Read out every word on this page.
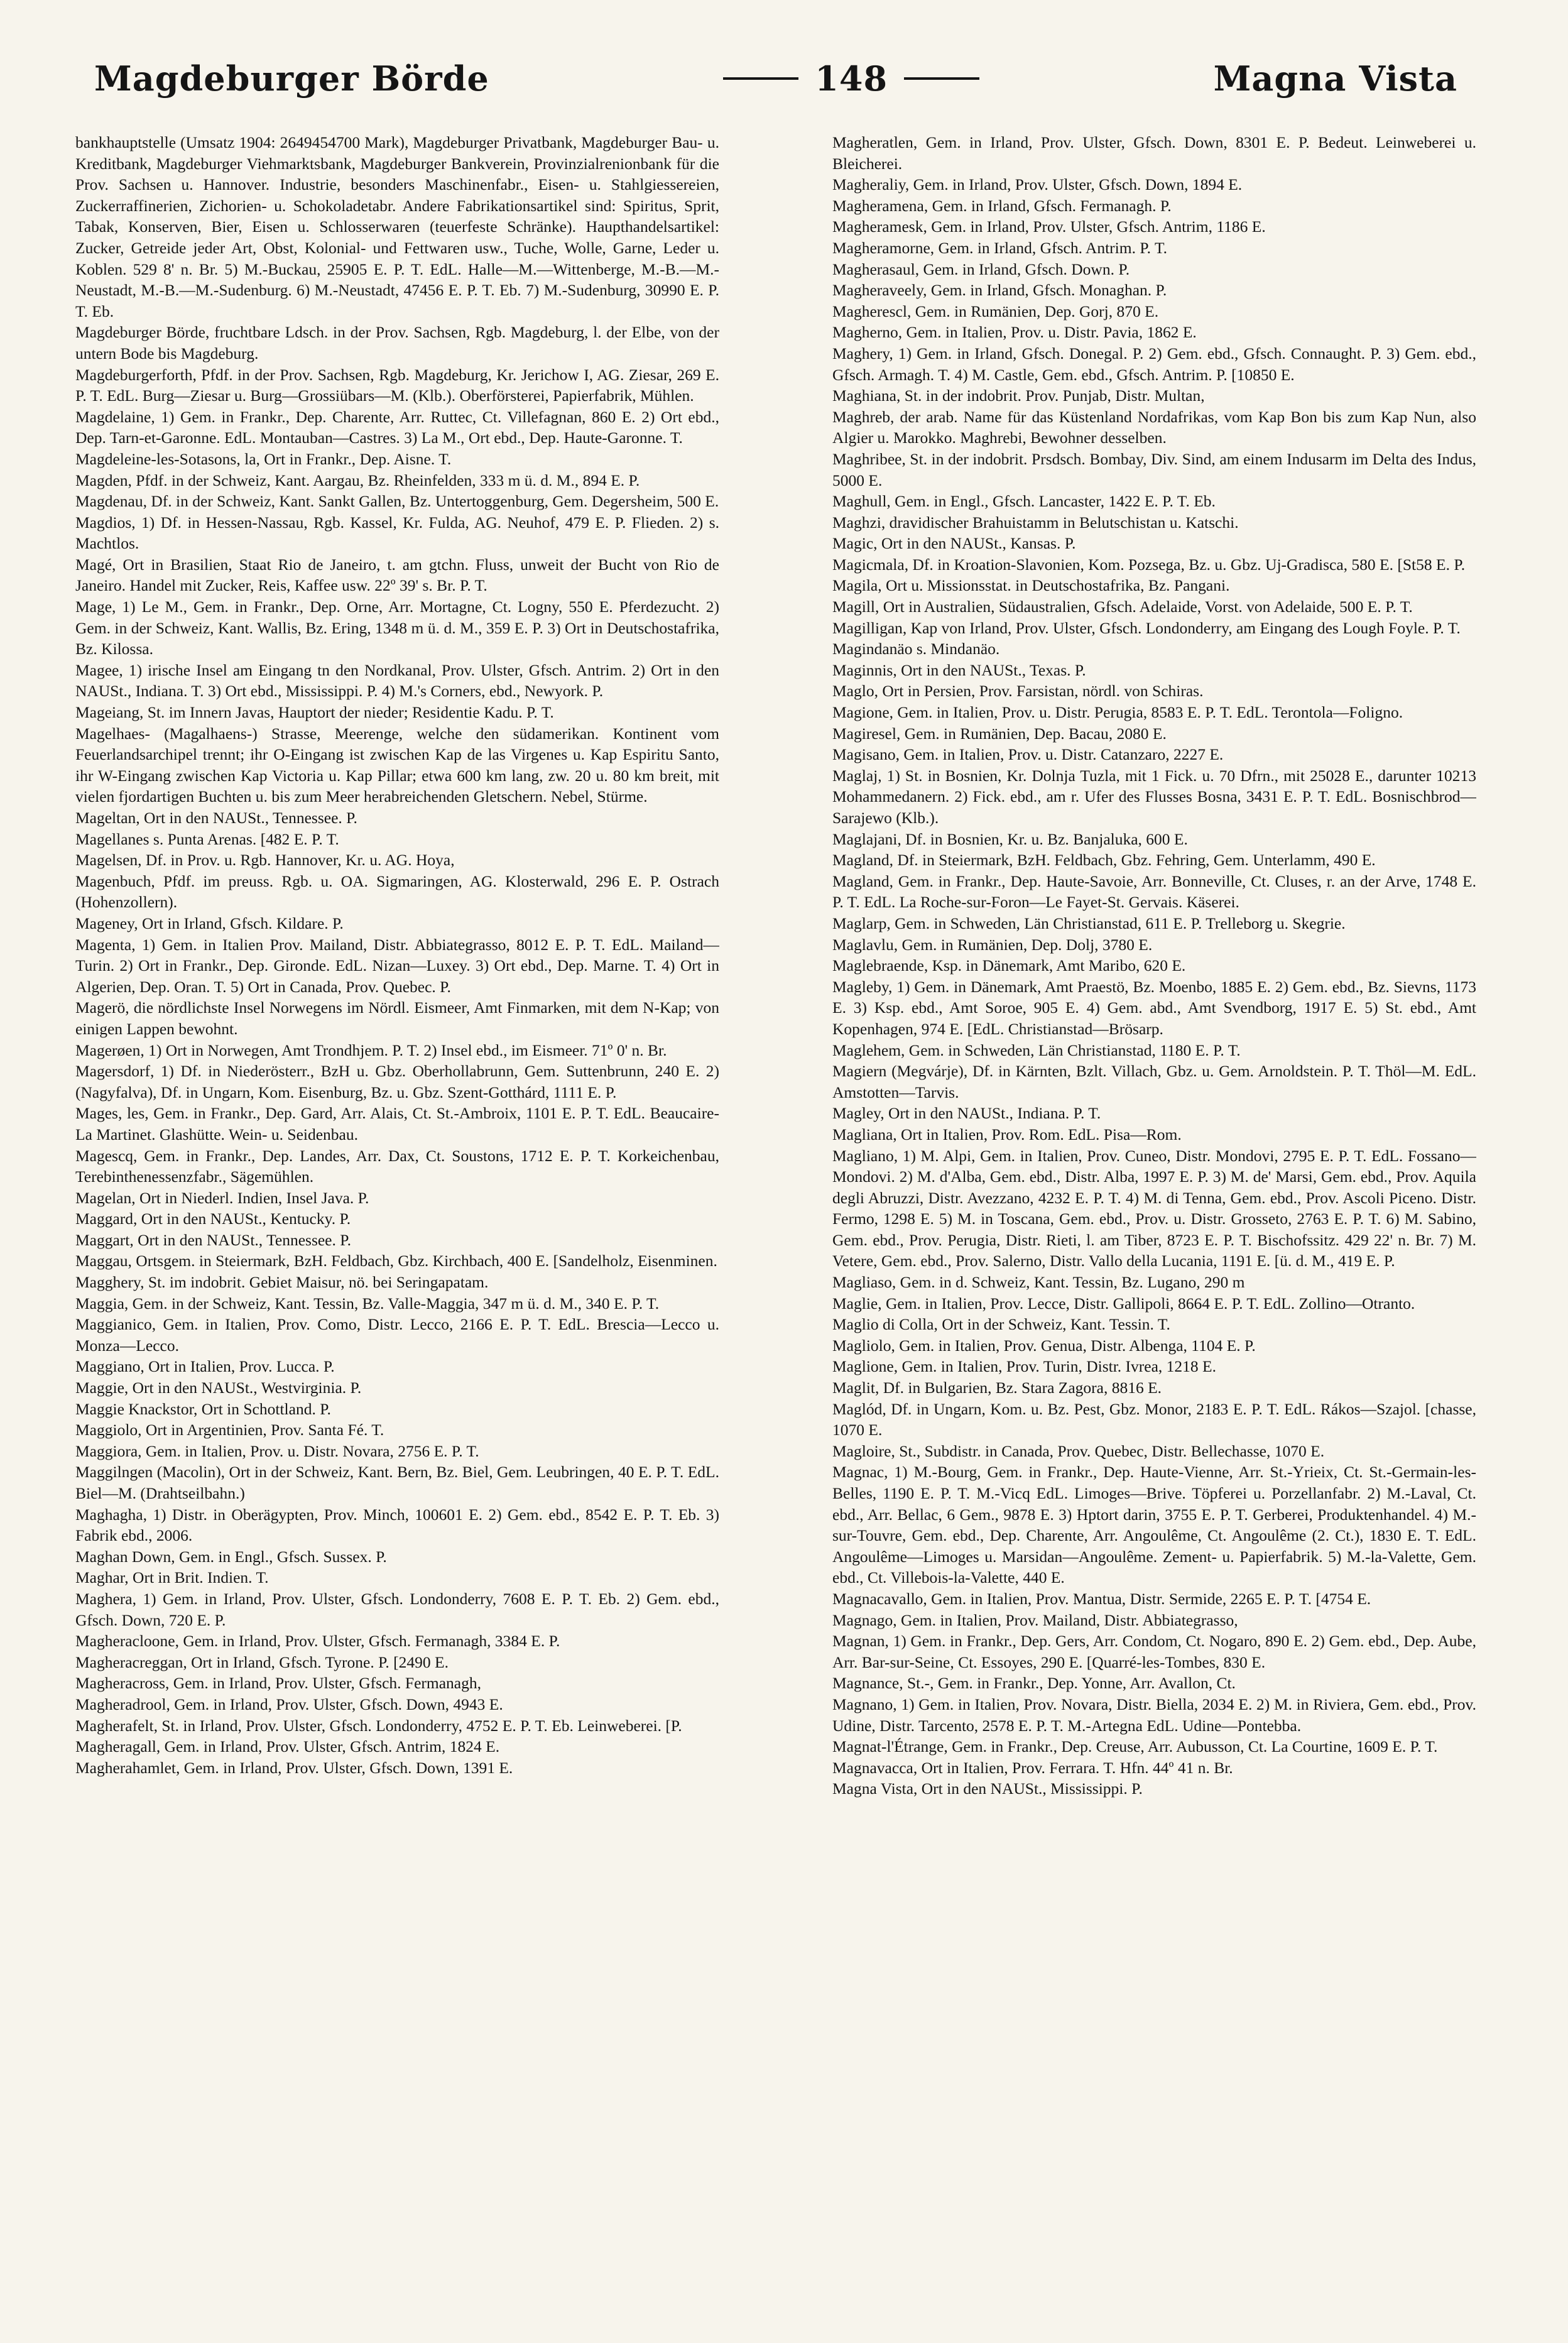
Magdeburger Börde	148	Magna Vista

bankhauptstelle (Umsatz 1904: 2649454700 Mark), Magdeburger Privatbank, Magdeburger Bau- u. Kreditbank, Magdeburger Viehmarktsbank, Magdeburger Bankverein, Provinzialrenionbank für die Prov. Sachsen u. Hannover. Industrie, besonders Maschinenfabr., Eisen- u. Stahlgiessereien, Zuckerraffinerien, Zichorien- u. Schokoladetabr. Andere Fabrikationsartikel sind: Spiritus, Sprit, Tabak, Konserven, Bier, Eisen u. Schlosserwaren (teuerfeste Schränke). Haupthandelsartikel: Zucker, Getreide jeder Art, Obst, Kolonial- und Fettwaren usw., Tuche, Wolle, Garne, Leder u. Koblen. 529 8' n. Br. 5) M.-Buckau, 25905 E. P. T. EdL. Halle—M.—Wittenberge, M.-B.—M.-Neustadt, M.-B.—M.-Sudenburg. 6) M.-Neustadt, 47456 E. P. T. Eb. 7) M.-Sudenburg, 30990 E. P. T. Eb.

Magdeburger Börde, fruchtbare Ldsch. in der Prov. Sachsen, Rgb. Magdeburg, l. der Elbe, von der untern Bode bis Magdeburg.

Magdeburgerforth, Pfdf. in der Prov. Sachsen, Rgb. Magdeburg, Kr. Jerichow I, AG. Ziesar, 269 E. P. T. EdL. Burg—Ziesar u. Burg—Grossiübars—M. (Klb.). Oberförsterei, Papierfabrik, Mühlen.

Magdelaine, 1) Gem. in Frankr., Dep. Charente, Arr. Ruttec, Ct. Villefagnan, 860 E. 2) Ort ebd., Dep. Tarn-et-Garonne. EdL. Montauban—Castres. 3) La M., Ort ebd., Dep. Haute-Garonne. T.

Magdeleine-les-Sotasons, la, Ort in Frankr., Dep. Aisne. T.

Magden, Pfdf. in der Schweiz, Kant. Aargau, Bz. Rheinfelden, 333 m ü. d. M., 894 E. P.

Magdenau, Df. in der Schweiz, Kant. Sankt Gallen, Bz. Untertoggenburg, Gem. Degersheim, 500 E.

Magdios, 1) Df. in Hessen-Nassau, Rgb. Kassel, Kr. Fulda, AG. Neuhof, 479 E. P. Flieden. 2) s. Machtlos.

Magé, Ort in Brasilien, Staat Rio de Janeiro, t. am gtchn. Fluss, unweit der Bucht von Rio de Janeiro. Handel mit Zucker, Reis, Kaffee usw. 22º 39' s. Br. P. T.

Mage, 1) Le M., Gem. in Frankr., Dep. Orne, Arr. Mortagne, Ct. Logny, 550 E. Pferdezucht. 2) Gem. in der Schweiz, Kant. Wallis, Bz. Ering, 1348 m ü. d. M., 359 E. P. 3) Ort in Deutschostafrika, Bz. Kilossa.

Magee, 1) irische Insel am Eingang tn den Nordkanal, Prov. Ulster, Gfsch. Antrim. 2) Ort in den NAUSt., Indiana. T. 3) Ort ebd., Mississippi. P. 4) M.'s Corners, ebd., Newyork. P.

Mageiang, St. im Innern Javas, Hauptort der nieder; Residentie Kadu. P. T.

Magelhaes- (Magalhaens-) Strasse, Meerenge, welche den südamerikan. Kontinent vom Feuerlandsarchipel trennt; ihr O-Eingang ist zwischen Kap de las Virgenes u. Kap Espiritu Santo, ihr W-Eingang zwischen Kap Victoria u. Kap Pillar; etwa 600 km lang, zw. 20 u. 80 km breit, mit vielen fjordartigen Buchten u. bis zum Meer herabreichenden Gletschern. Nebel, Stürme.

Mageltan, Ort in den NAUSt., Tennessee. P.

Magellanes s. Punta Arenas. [482 E. P. T.

Magelsen, Df. in Prov. u. Rgb. Hannover, Kr. u. AG. Hoya,

Magenbuch, Pfdf. im preuss. Rgb. u. OA. Sigmaringen, AG. Klosterwald, 296 E. P. Ostrach (Hohenzollern).

Mageney, Ort in Irland, Gfsch. Kildare. P.

Magenta, 1) Gem. in Italien Prov. Mailand, Distr. Abbiategrasso, 8012 E. P. T. EdL. Mailand—Turin. 2) Ort in Frankr., Dep. Gironde. EdL. Nizan—Luxey. 3) Ort ebd., Dep. Marne. T. 4) Ort in Algerien, Dep. Oran. T. 5) Ort in Canada, Prov. Quebec. P.

Magerö, die nördlichste Insel Norwegens im Nördl. Eismeer, Amt Finmarken, mit dem N-Kap; von einigen Lappen bewohnt.

Magerøen, 1) Ort in Norwegen, Amt Trondhjem. P. T. 2) Insel ebd., im Eismeer. 71º 0' n. Br.

Magersdorf, 1) Df. in Niederösterr., BzH u. Gbz. Oberhollabrunn, Gem. Suttenbrunn, 240 E. 2) (Nagyfalva), Df. in Ungarn, Kom. Eisenburg, Bz. u. Gbz. Szent-Gotthárd, 1111 E. P.

Mages, les, Gem. in Frankr., Dep. Gard, Arr. Alais, Ct. St.-Ambroix, 1101 E. P. T. EdL. Beaucaire-La Martinet. Glashütte. Wein- u. Seidenbau.

Magescq, Gem. in Frankr., Dep. Landes, Arr. Dax, Ct. Soustons, 1712 E. P. T. Korkeichenbau, Terebinthenessenzfabr., Sägemühlen.

Magelan, Ort in Niederl. Indien, Insel Java. P.

Maggard, Ort in den NAUSt., Kentucky. P.

Maggart, Ort in den NAUSt., Tennessee. P.

Maggau, Ortsgem. in Steiermark, BzH. Feldbach, Gbz. Kirchbach, 400 E. [Sandelholz, Eisenminen.

Magghery, St. im indobrit. Gebiet Maisur, nö. bei Seringapatam.

Maggia, Gem. in der Schweiz, Kant. Tessin, Bz. Valle-Maggia, 347 m ü. d. M., 340 E. P. T.

Maggianico, Gem. in Italien, Prov. Como, Distr. Lecco, 2166 E. P. T. EdL. Brescia—Lecco u. Monza—Lecco.

Maggiano, Ort in Italien, Prov. Lucca. P.

Maggie, Ort in den NAUSt., Westvirginia. P.

Maggie Knackstor, Ort in Schottland. P.

Maggiolo, Ort in Argentinien, Prov. Santa Fé. T.

Maggiora, Gem. in Italien, Prov. u. Distr. Novara, 2756 E. P. T.

Maggilngen (Macolin), Ort in der Schweiz, Kant. Bern, Bz. Biel, Gem. Leubringen, 40 E. P. T. EdL. Biel—M. (Drahtseilbahn.)

Maghagha, 1) Distr. in Oberägypten, Prov. Minch, 100601 E. 2) Gem. ebd., 8542 E. P. T. Eb. 3) Fabrik ebd., 2006.

Maghan Down, Gem. in Engl., Gfsch. Sussex. P.

Maghar, Ort in Brit. Indien. T.

Maghera, 1) Gem. in Irland, Prov. Ulster, Gfsch. Londonderry, 7608 E. P. T. Eb. 2) Gem. ebd., Gfsch. Down, 720 E. P.

Magheracloone, Gem. in Irland, Prov. Ulster, Gfsch. Fermanagh, 3384 E. P.

Magheracreggan, Ort in Irland, Gfsch. Tyrone. P. [2490 E.

Magheracross, Gem. in Irland, Prov. Ulster, Gfsch. Fermanagh,

Magheradrool, Gem. in Irland, Prov. Ulster, Gfsch. Down, 4943 E.

Magherafelt, St. in Irland, Prov. Ulster, Gfsch. Londonderry, 4752 E. P. T. Eb. Leinweberei. [P.

Magheragall, Gem. in Irland, Prov. Ulster, Gfsch. Antrim, 1824 E.

Magherahamlet, Gem. in Irland, Prov. Ulster, Gfsch. Down, 1391 E.

Magheratlen, Gem. in Irland, Prov. Ulster, Gfsch. Down, 8301 E. P. Bedeut. Leinweberei u. Bleicherei.

Magheraliy, Gem. in Irland, Prov. Ulster, Gfsch. Down, 1894 E.

Magheramena, Gem. in Irland, Gfsch. Fermanagh. P.

Magheramesk, Gem. in Irland, Prov. Ulster, Gfsch. Antrim, 1186 E.

Magheramorne, Gem. in Irland, Gfsch. Antrim. P. T.

Magherasaul, Gem. in Irland, Gfsch. Down. P.

Magheraveely, Gem. in Irland, Gfsch. Monaghan. P.

Magherescl, Gem. in Rumänien, Dep. Gorj, 870 E.

Magherno, Gem. in Italien, Prov. u. Distr. Pavia, 1862 E.

Maghery, 1) Gem. in Irland, Gfsch. Donegal. P. 2) Gem. ebd., Gfsch. Connaught. P. 3) Gem. ebd., Gfsch. Armagh. T. 4) M. Castle, Gem. ebd., Gfsch. Antrim. P. [10850 E.

Maghiana, St. in der indobrit. Prov. Punjab, Distr. Multan,

Maghreb, der arab. Name für das Küstenland Nordafrikas, vom Kap Bon bis zum Kap Nun, also Algier u. Marokko. Maghrebi, Bewohner desselben.

Maghribee, St. in der indobrit. Prsdsch. Bombay, Div. Sind, am einem Indusarm im Delta des Indus, 5000 E.

Maghull, Gem. in Engl., Gfsch. Lancaster, 1422 E. P. T. Eb.

Maghzi, dravidischer Brahuistamm in Belutschistan u. Katschi.

Magic, Ort in den NAUSt., Kansas. P.

Magicmala, Df. in Kroation-Slavonien, Kom. Pozsega, Bz. u. Gbz. Uj-Gradisca, 580 E. [St58 E. P.

Magila, Ort u. Missionsstat. in Deutschostafrika, Bz. Pangani.

Magill, Ort in Australien, Südaustralien, Gfsch. Adelaide, Vorst. von Adelaide, 500 E. P. T.

Magilligan, Kap von Irland, Prov. Ulster, Gfsch. Londonderry, am Eingang des Lough Foyle. P. T.

Magindanäo s. Mindanäo.

Maginnis, Ort in den NAUSt., Texas. P.

Maglo, Ort in Persien, Prov. Farsistan, nördl. von Schiras.

Magione, Gem. in Italien, Prov. u. Distr. Perugia, 8583 E. P. T. EdL. Terontola—Foligno.

Magiresel, Gem. in Rumänien, Dep. Bacau, 2080 E.

Magisano, Gem. in Italien, Prov. u. Distr. Catanzaro, 2227 E.

Maglaj, 1) St. in Bosnien, Kr. Dolnja Tuzla, mit 1 Fick. u. 70 Dfrn., mit 25028 E., darunter 10213 Mohammedanern. 2) Fick. ebd., am r. Ufer des Flusses Bosna, 3431 E. P. T. EdL. Bosnischbrod—Sarajewo (Klb.).

Maglajani, Df. in Bosnien, Kr. u. Bz. Banjaluka, 600 E.

Magland, Df. in Steiermark, BzH. Feldbach, Gbz. Fehring, Gem. Unterlamm, 490 E.

Magland, Gem. in Frankr., Dep. Haute-Savoie, Arr. Bonneville, Ct. Cluses, r. an der Arve, 1748 E. P. T. EdL. La Roche-sur-Foron—Le Fayet-St. Gervais. Käserei.

Maglarp, Gem. in Schweden, Län Christianstad, 611 E. P. Trelleborg u. Skegrie.

Maglavlu, Gem. in Rumänien, Dep. Dolj, 3780 E.

Maglebraende, Ksp. in Dänemark, Amt Maribo, 620 E.

Magleby, 1) Gem. in Dänemark, Amt Praestö, Bz. Moenbo, 1885 E. 2) Gem. ebd., Bz. Sievns, 1173 E. 3) Ksp. ebd., Amt Soroe, 905 E. 4) Gem. abd., Amt Svendborg, 1917 E. 5) St. ebd., Amt Kopenhagen, 974 E. [EdL. Christianstad—Brösarp.

Maglehem, Gem. in Schweden, Län Christianstad, 1180 E. P. T.

Magiern (Megvárje), Df. in Kärnten, Bzlt. Villach, Gbz. u. Gem. Arnoldstein. P. T. Thöl—M. EdL. Amstotten—Tarvis.

Magley, Ort in den NAUSt., Indiana. P. T.

Magliana, Ort in Italien, Prov. Rom. EdL. Pisa—Rom.

Magliano, 1) M. Alpi, Gem. in Italien, Prov. Cuneo, Distr. Mondovi, 2795 E. P. T. EdL. Fossano—Mondovi. 2) M. d'Alba, Gem. ebd., Distr. Alba, 1997 E. P. 3) M. de' Marsi, Gem. ebd., Prov. Aquila degli Abruzzi, Distr. Avezzano, 4232 E. P. T. 4) M. di Tenna, Gem. ebd., Prov. Ascoli Piceno. Distr. Fermo, 1298 E. 5) M. in Toscana, Gem. ebd., Prov. u. Distr. Grosseto, 2763 E. P. T. 6) M. Sabino, Gem. ebd., Prov. Perugia, Distr. Rieti, l. am Tiber, 8723 E. P. T. Bischofssitz. 429 22' n. Br. 7) M. Vetere, Gem. ebd., Prov. Salerno, Distr. Vallo della Lucania, 1191 E. [ü. d. M., 419 E. P.

Magliaso, Gem. in d. Schweiz, Kant. Tessin, Bz. Lugano, 290 m

Maglie, Gem. in Italien, Prov. Lecce, Distr. Gallipoli, 8664 E. P. T. EdL. Zollino—Otranto.

Maglio di Colla, Ort in der Schweiz, Kant. Tessin. T.

Magliolo, Gem. in Italien, Prov. Genua, Distr. Albenga, 1104 E. P.

Maglione, Gem. in Italien, Prov. Turin, Distr. Ivrea, 1218 E.

Maglit, Df. in Bulgarien, Bz. Stara Zagora, 8816 E.

Maglód, Df. in Ungarn, Kom. u. Bz. Pest, Gbz. Monor, 2183 E. P. T. EdL. Rákos—Szajol. [chasse, 1070 E.

Magloire, St., Subdistr. in Canada, Prov. Quebec, Distr. Bellechasse, 1070 E.

Magnac, 1) M.-Bourg, Gem. in Frankr., Dep. Haute-Vienne, Arr. St.-Yrieix, Ct. St.-Germain-les-Belles, 1190 E. P. T. M.-Vicq EdL. Limoges—Brive. Töpferei u. Porzellanfabr. 2) M.-Laval, Ct. ebd., Arr. Bellac, 6 Gem., 9878 E. 3) Hptort darin, 3755 E. P. T. Gerberei, Produktenhandel. 4) M.-sur-Touvre, Gem. ebd., Dep. Charente, Arr. Angoulême, Ct. Angoulême (2. Ct.), 1830 E. T. EdL. Angoulême—Limoges u. Marsidan—Angoulême. Zement- u. Papierfabrik. 5) M.-la-Valette, Gem. ebd., Ct. Villebois-la-Valette, 440 E.

Magnacavallo, Gem. in Italien, Prov. Mantua, Distr. Sermide, 2265 E. P. T. [4754 E.

Magnago, Gem. in Italien, Prov. Mailand, Distr. Abbiategrasso,

Magnan, 1) Gem. in Frankr., Dep. Gers, Arr. Condom, Ct. Nogaro, 890 E. 2) Gem. ebd., Dep. Aube, Arr. Bar-sur-Seine, Ct. Essoyes, 290 E. [Quarré-les-Tombes, 830 E.

Magnance, St.-, Gem. in Frankr., Dep. Yonne, Arr. Avallon, Ct.

Magnano, 1) Gem. in Italien, Prov. Novara, Distr. Biella, 2034 E. 2) M. in Riviera, Gem. ebd., Prov. Udine, Distr. Tarcento, 2578 E. P. T. M.-Artegna EdL. Udine—Pontebba.

Magnat-l'Étrange, Gem. in Frankr., Dep. Creuse, Arr. Aubusson, Ct. La Courtine, 1609 E. P. T.

Magnavacca, Ort in Italien, Prov. Ferrara. T. Hfn. 44º 41 n. Br.

Magna Vista, Ort in den NAUSt., Mississippi. P.
